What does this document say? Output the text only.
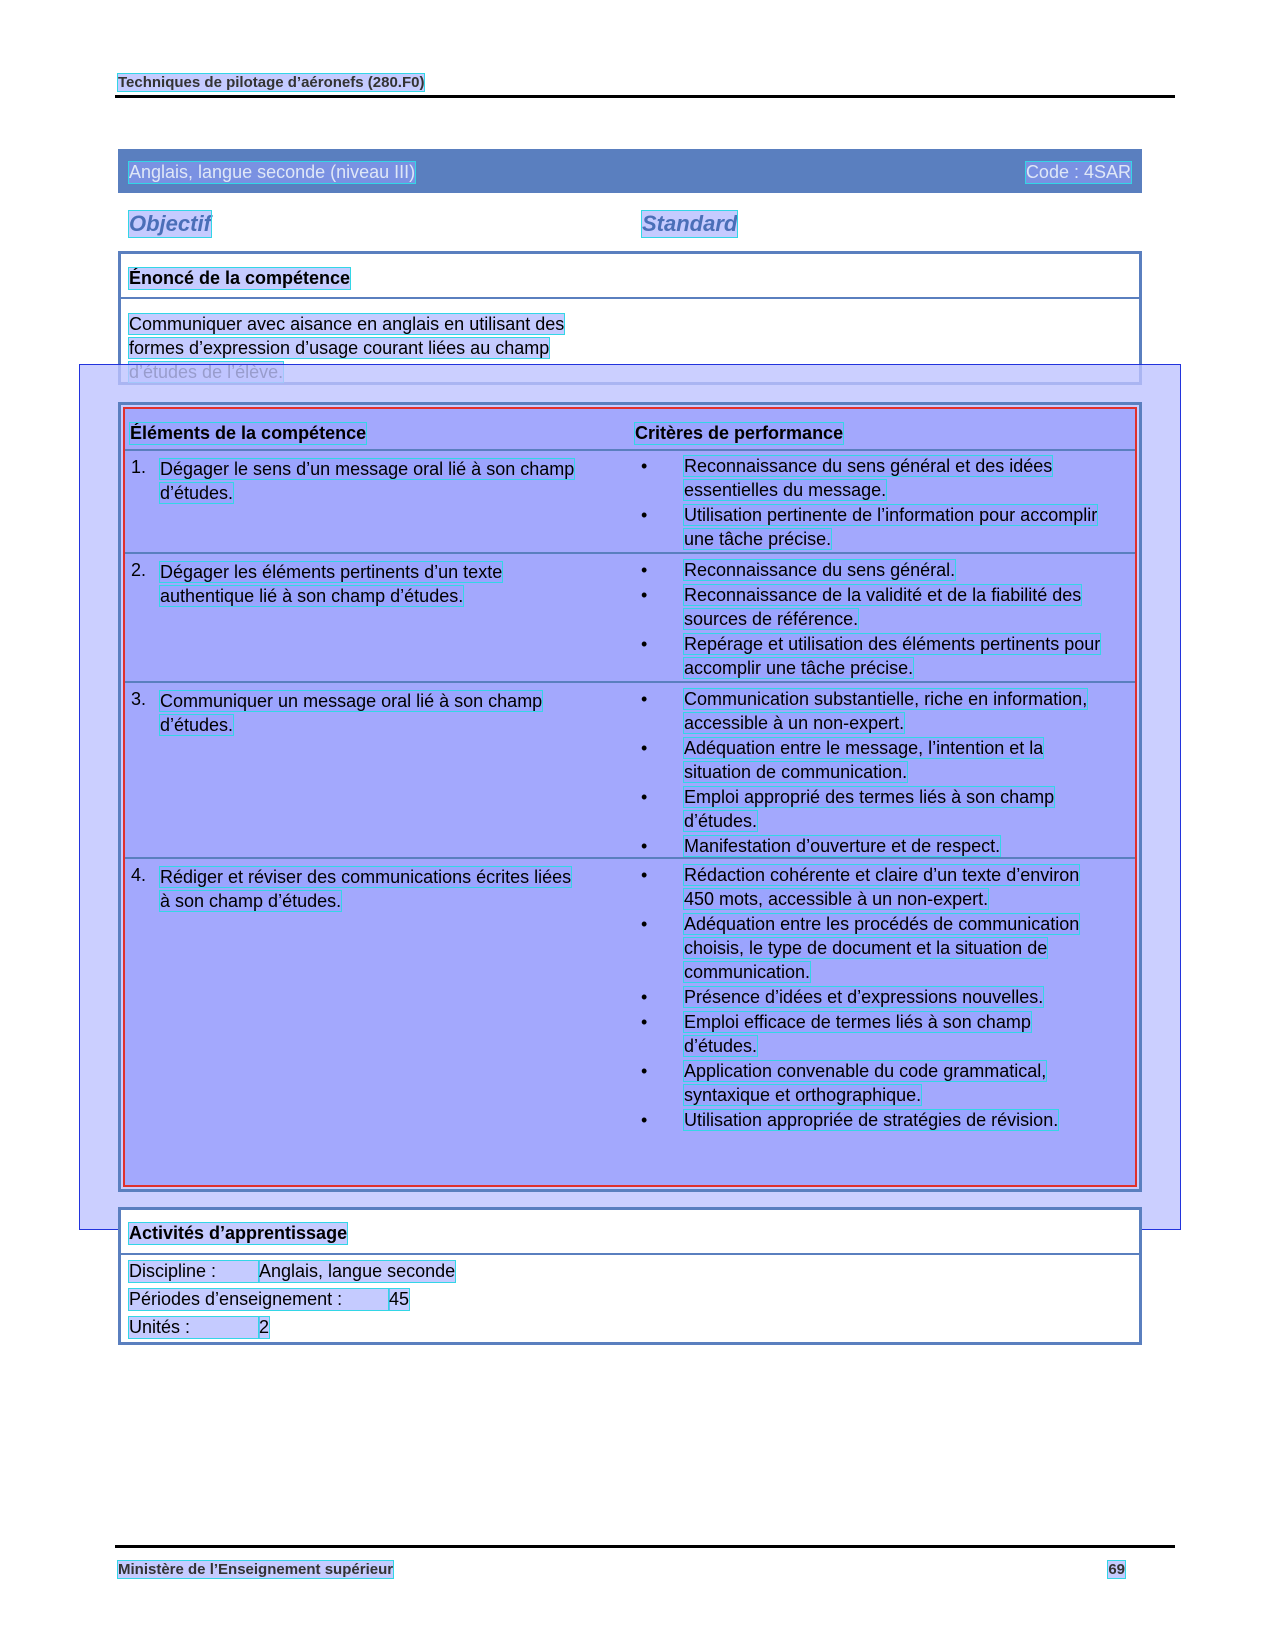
Techniques de pilotage d’aéronefs (280.F0)
Anglais, langue seconde (niveau III)	Code : 4SAR
Objectif	Standard
Énoncé de la compétence
Communiquer avec aisance en anglais en utilisant des formes d’expression d’usage courant liées au champ
Éléments de la compétence	Critères de performance
1. Dégager le sens d’un message oral lié à son champ d’études.
• Reconnaissance du sens général et des idées essentielles du message.
• Utilisation pertinente de l’information pour accomplir une tâche précise.
2. Dégager les éléments pertinents d’un texte authentique lié à son champ d’études.
• Reconnaissance du sens général.
• Reconnaissance de la validité et de la fiabilité des sources de référence.
• Repérage et utilisation des éléments pertinents pour accomplir une tâche précise.
3. Communiquer un message oral lié à son champ d’études.
• Communication substantielle, riche en information, accessible à un non-expert.
• Adéquation entre le message, l’intention et la situation de communication.
• Emploi approprié des termes liés à son champ d’études.
• Manifestation d’ouverture et de respect.
4. Rédiger et réviser des communications écrites liées à son champ d’études.
• Rédaction cohérente et claire d’un texte d’environ 450 mots, accessible à un non-expert.
• Adéquation entre les procédés de communication choisis, le type de document et la situation de communication.
• Présence d’idées et d’expressions nouvelles.
• Emploi efficace de termes liés à son champ d’études.
• Application convenable du code grammatical, syntaxique et orthographique.
• Utilisation appropriée de stratégies de révision.
Activités d’apprentissage
Discipline : Anglais, langue seconde
Périodes d’enseignement :	45
Unités :	2
Ministère de l’Enseignement supérieur	69
